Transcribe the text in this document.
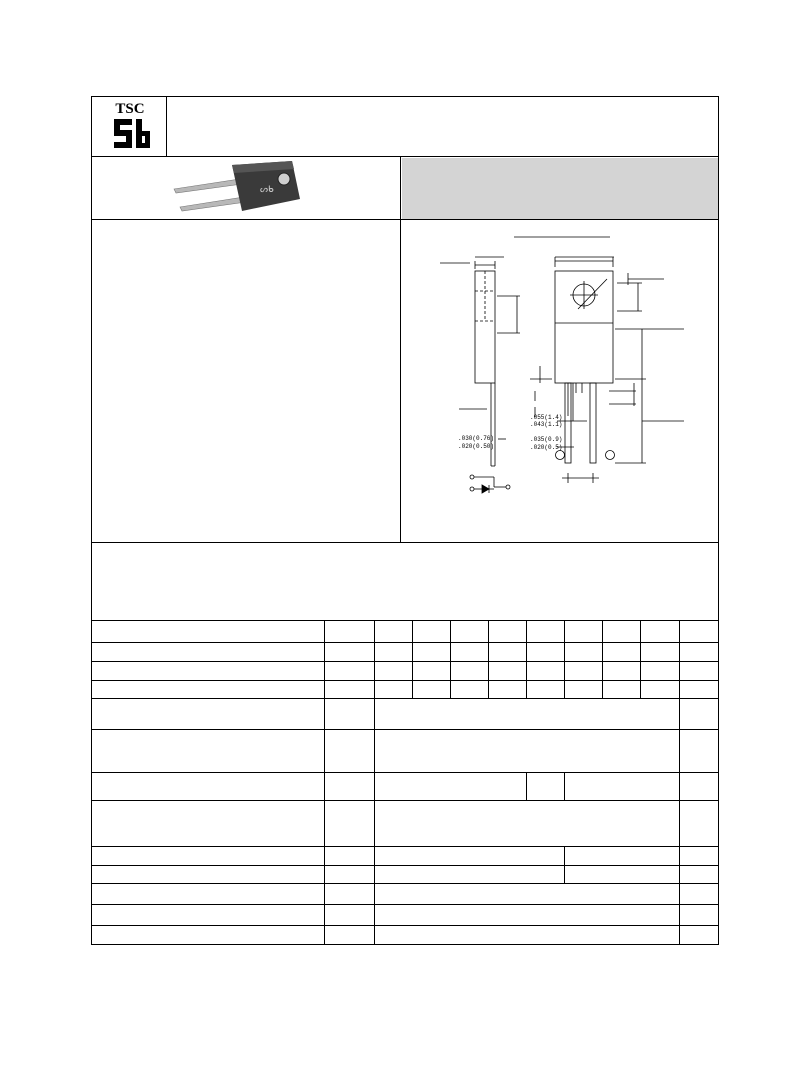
TSC
ᔕᑲ
.055(1.4)
.043(1.1)
.030(0.76)
.020(0.50)
.035(0.9)
.020(0.5)
